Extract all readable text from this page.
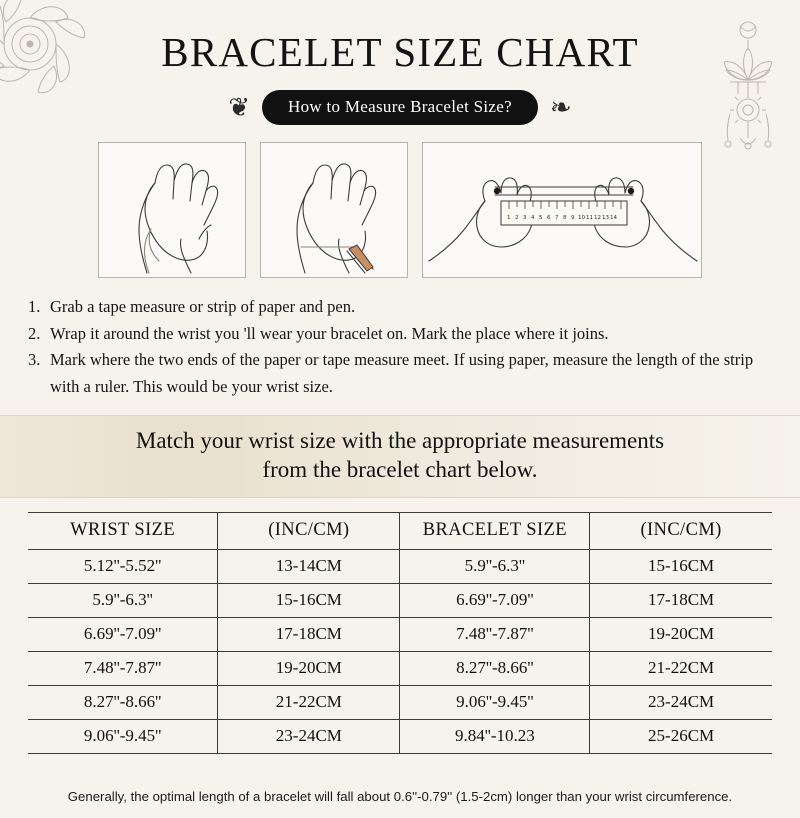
BRACELET SIZE CHART
❦	How to Measure Bracelet Size?	❧
1 2 3 4 5 6 7 8 9 10 11 12 13 14
1. Grab a tape measure or strip of paper and pen.
2. Wrap it around the wrist you 'll wear your bracelet on. Mark the place where it joins.
3. Mark where the two ends of the paper or tape measure meet. If using paper, measure the length of the strip with a ruler. This would be your wrist size.
Match your wrist size with the appropriate measurements
from the bracelet chart below.
WRIST SIZE	(INC/CM)	BRACELET SIZE	(INC/CM)
5.12''-5.52''	13-14CM	5.9''-6.3''	15-16CM
5.9''-6.3''	15-16CM	6.69''-7.09''	17-18CM
6.69''-7.09''	17-18CM	7.48''-7.87''	19-20CM
7.48''-7.87''	19-20CM	8.27''-8.66''	21-22CM
8.27''-8.66''	21-22CM	9.06''-9.45''	23-24CM
9.06''-9.45''	23-24CM	9.84''-10.23	25-26CM
Generally, the optimal length of a bracelet will fall about 0.6''-0.79'' (1.5-2cm) longer than your wrist circumference.
